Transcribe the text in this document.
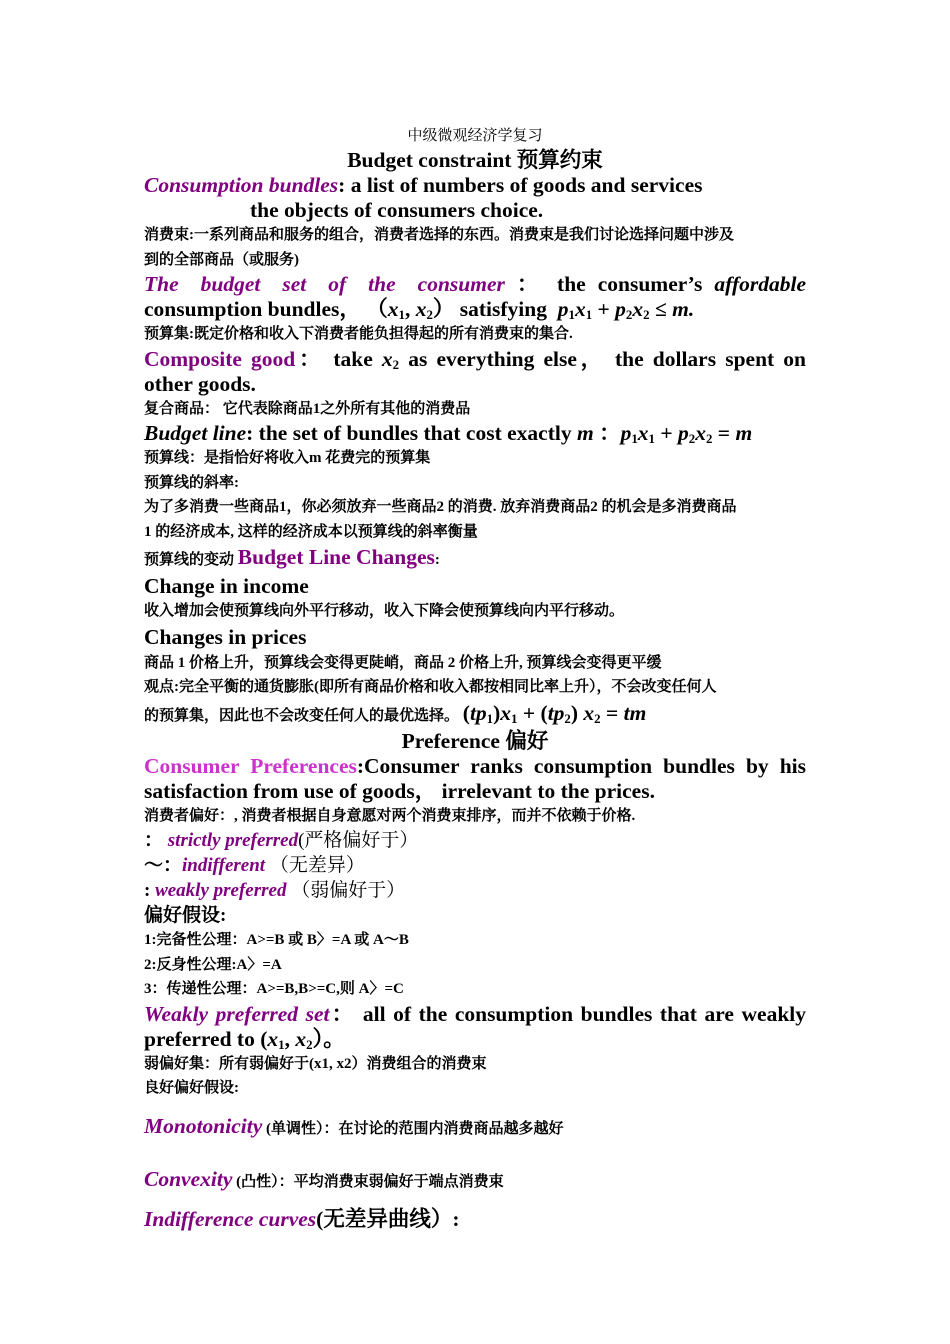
中级微观经济学复习
Budget constraint 预算约束
Consumption bundles: a list of numbers of goods and services
the objects of consumers choice.
消费束:一系列商品和服务的组合，消费者选择的东西。消费束是我们讨论选择问题中涉及
到的全部商品（或服务)
The budget set of the consumer ： the consumer’s affordable
consumption bundles， （$x_1$, $x_2$） satisfying $p_1x_1 + p_2x_2 \le m$.
预算集:既定价格和收入下消费者能负担得起的所有消费束的集合.
Composite good： take $x_2$ as everything else， the dollars spent on
other goods.
复合商品： 它代表除商品1之外所有其他的消费品
Budget line: the set of bundles that cost exactly m ：$p_1x_1 + p_2x_2 = m$
预算线：是指恰好将收入m 花费完的预算集
预算线的斜率:
为了多消费一些商品1，你必须放弃一些商品2 的消费. 放弃消费商品2 的机会是多消费商品
1 的经济成本, 这样的经济成本以预算线的斜率衡量
预算线的变动 Budget Line Changes:
Change in income
收入增加会使预算线向外平行移动，收入下降会使预算线向内平行移动。
Changes in prices
商品 1 价格上升，预算线会变得更陡峭，商品 2 价格上升, 预算线会变得更平缓
观点:完全平衡的通货膨胀(即所有商品价格和收入都按相同比率上升），不会改变任何人
的预算集，因此也不会改变任何人的最优选择。 $(tp_1)x_1 + (tp_2) x_2$ = tm
Preference 偏好
Consumer Preferences:Consumer ranks consumption bundles by his
satisfaction from use of goods， irrelevant to the prices.
消费者偏好：, 消费者根据自身意愿对两个消费束排序，而并不依赖于价格.
： strictly preferred(严格偏好于）
～：indifferent （无差异）
: weakly preferred （弱偏好于）
偏好假设:
1:完备性公理：A>=B 或 B〉=A 或 A～B
2:反身性公理:A〉=A
3：传递性公理：A>=B,B>=C,则 A〉=C
Weakly preferred set： all of the consumption bundles that are weakly
preferred to ($x_1$, $x_2$）。
弱偏好集：所有弱偏好于(x1, x2）消费组合的消费束
良好偏好假设:
Monotonicity (单调性）：在讨论的范围内消费商品越多越好
Convexity (凸性）：平均消费束弱偏好于端点消费束
Indifference curves(无差异曲线）:
